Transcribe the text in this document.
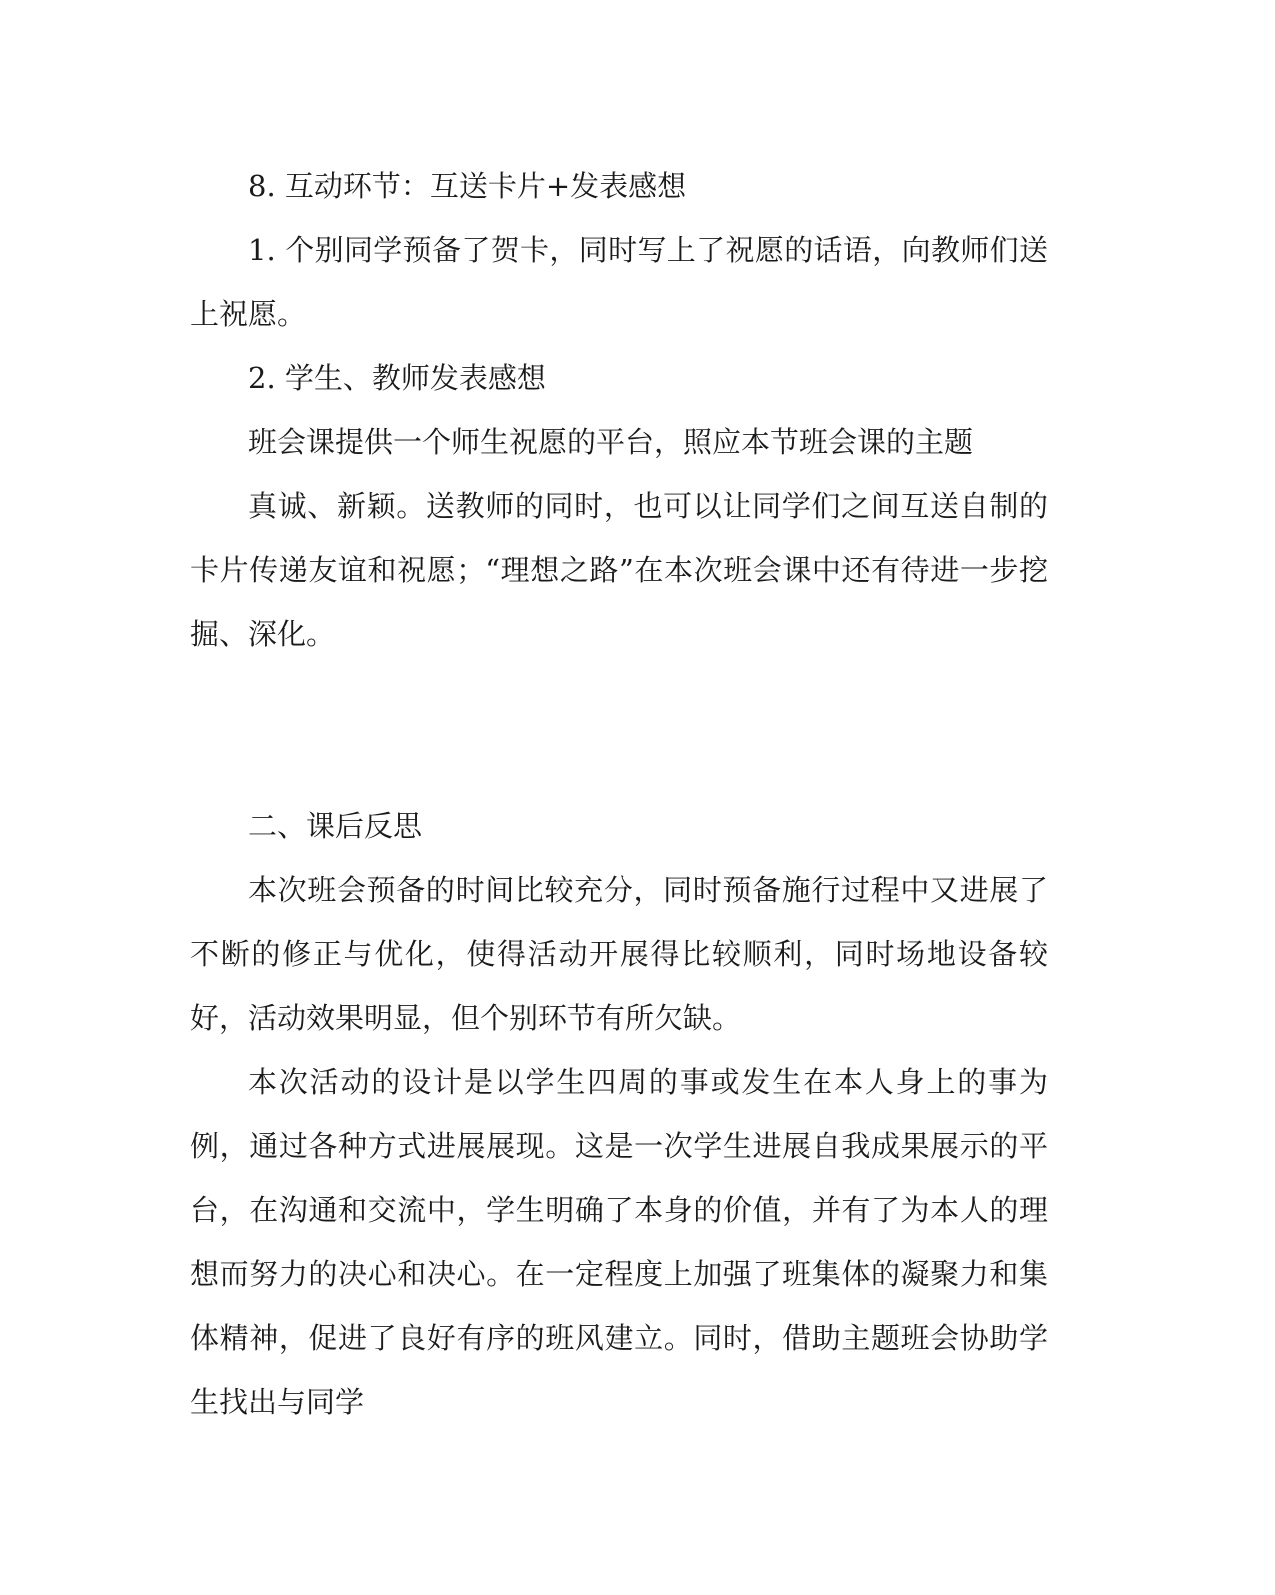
8. 互动环节：互送卡片+发表感想

1. 个别同学预备了贺卡，同时写上了祝愿的话语，向教师们送上祝愿。

2. 学生、教师发表感想

班会课提供一个师生祝愿的平台，照应本节班会课的主题

真诚、新颖。送教师的同时，也可以让同学们之间互送自制的卡片传递友谊和祝愿；“理想之路”在本次班会课中还有待进一步挖掘、深化。

二、课后反思

本次班会预备的时间比较充分，同时预备施行过程中又进展了不断的修正与优化，使得活动开展得比较顺利，同时场地设备较好，活动效果明显，但个别环节有所欠缺。

本次活动的设计是以学生四周的事或发生在本人身上的事为例，通过各种方式进展展现。这是一次学生进展自我成果展示的平台，在沟通和交流中，学生明确了本身的价值，并有了为本人的理想而努力的决心和决心。在一定程度上加强了班集体的凝聚力和集体精神，促进了良好有序的班风建立。同时，借助主题班会协助学生找出与同学
